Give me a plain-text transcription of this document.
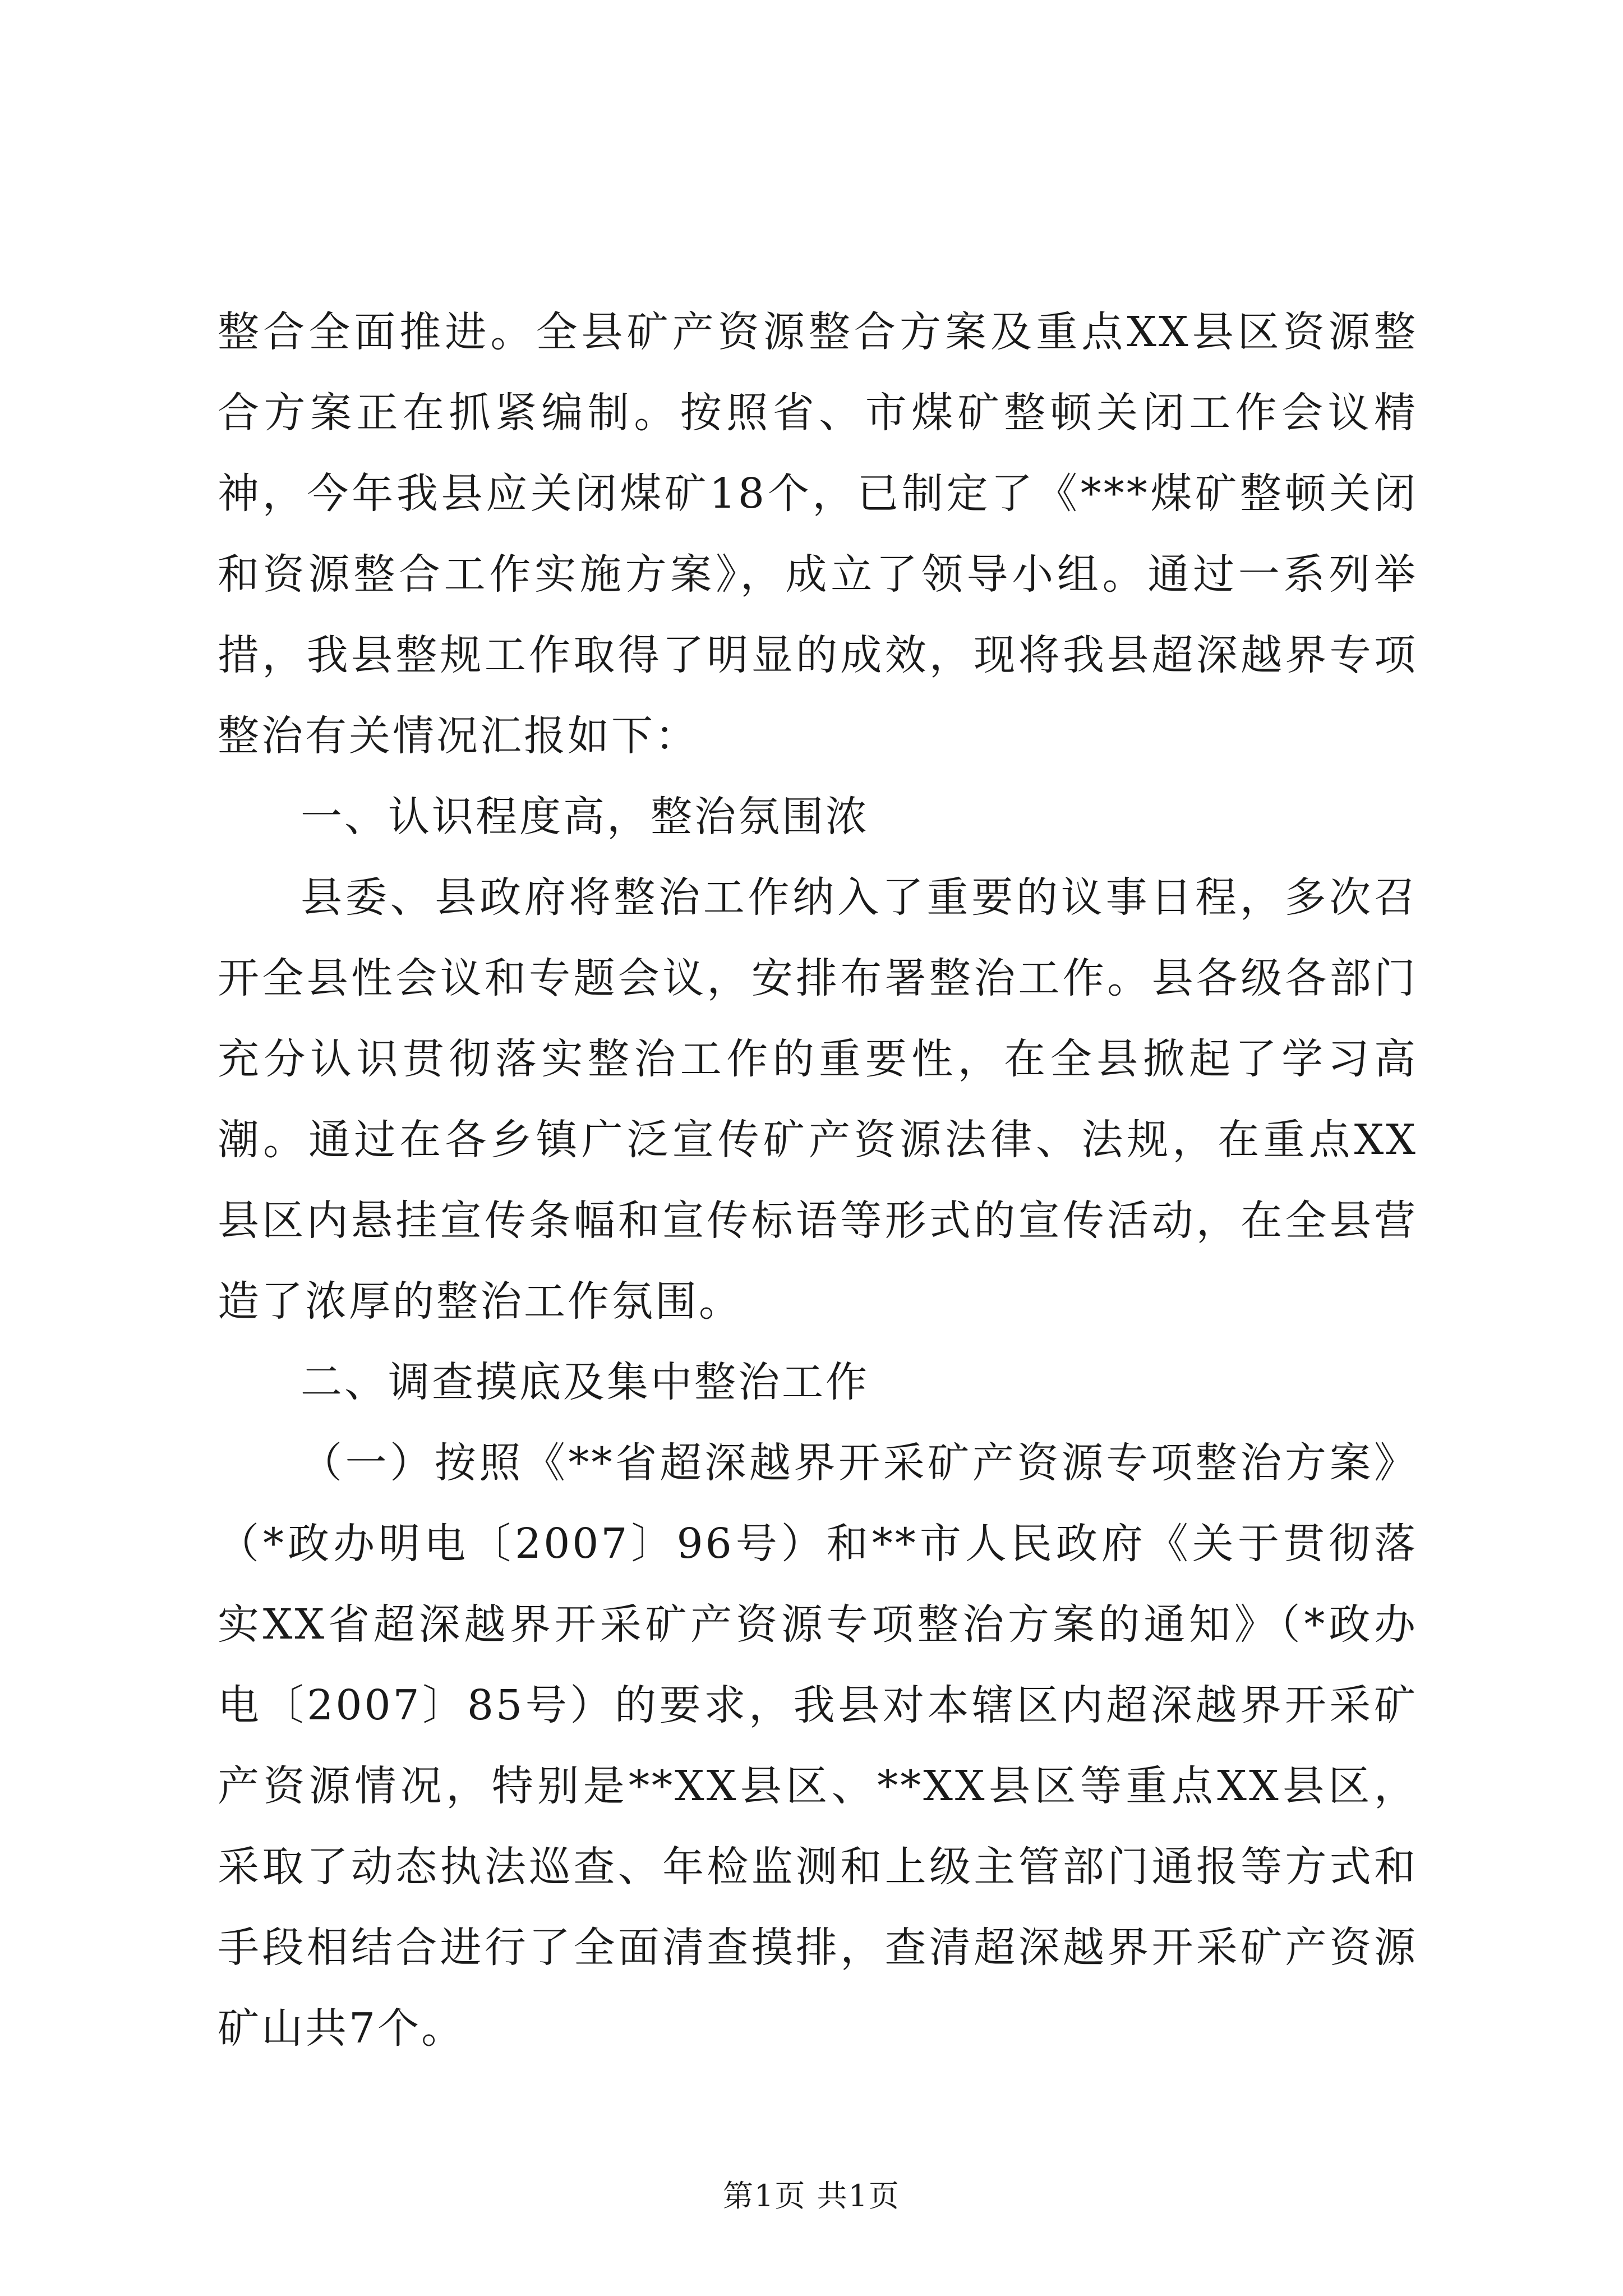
整合全面推进。全县矿产资源整合方案及重点XX县区资源整合方案正在抓紧编制。按照省、市煤矿整顿关闭工作会议精神，今年我县应关闭煤矿18个，已制定了《***煤矿整顿关闭和资源整合工作实施方案》，成立了领导小组。通过一系列举措，我县整规工作取得了明显的成效，现将我县超深越界专项整治有关情况汇报如下：

一、认识程度高，整治氛围浓

县委、县政府将整治工作纳入了重要的议事日程，多次召开全县性会议和专题会议，安排布署整治工作。县各级各部门充分认识贯彻落实整治工作的重要性，在全县掀起了学习高潮。通过在各乡镇广泛宣传矿产资源法律、法规，在重点XX县区内悬挂宣传条幅和宣传标语等形式的宣传活动，在全县营造了浓厚的整治工作氛围。

二、调查摸底及集中整治工作

（一）按照《**省超深越界开采矿产资源专项整治方案》（*政办明电〔2007〕96号）和**市人民政府《关于贯彻落实XX省超深越界开采矿产资源专项整治方案的通知》（*政办电〔2007〕85号）的要求，我县对本辖区内超深越界开采矿产资源情况，特别是**XX县区、**XX县区等重点XX县区，采取了动态执法巡查、年检监测和上级主管部门通报等方式和手段相结合进行了全面清查摸排，查清超深越界开采矿产资源矿山共7个。

第1页 共1页
